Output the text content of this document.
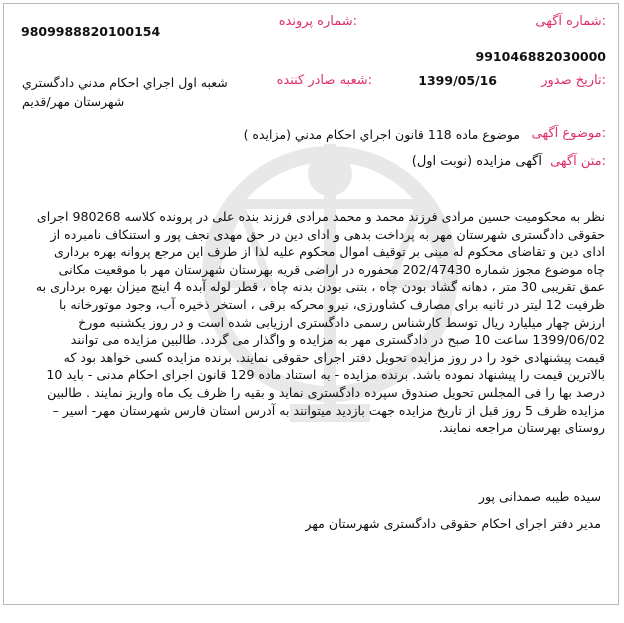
:شماره آگهی
:شماره پرونده
9809988820100154
991046882030000
:تاریخ صدور
1399/05/16
:شعبه صادر کننده
شعبه اول اجراي احكام مدني دادگستري
شهرستان مهر/قديم
:موضوع آگهی
موضوع ماده 118 قانون اجراي احكام مدني (مزايده )
:متن آگهی
آگهی مزایده (نوبت اول)
نظر به محکومیت حسین مرادی فرزند محمد و محمد مرادی فرزند بنده علی در پرونده کلاسه 980268 اجرای
حقوقی دادگستری شهرستان مهر به پرداخت بدهی و ادای دین در حق مهدی نجف پور و استنکاف نامبرده از
ادای دین و تقاضای محکوم له مبنی بر توقیف اموال محکوم علیه لذا از طرف این مرجع پروانه بهره برداری
چاه موضوع مجوز شماره 202/47430 محفوره در اراضی قریه بهرستان شهرستان مهر با موقعیت مکانی
عمق تقریبی 30 متر ، دهانه گشاد بودن چاه ، بتنی بودن بدنه چاه ، قطر لوله آبده 4 اینچ میزان بهره برداری به
ظرفیت 12 لیتر در ثانیه برای مصارف کشاورزی، نیرو محرکه برقی ، استخر ذخیره آب، وجود موتورخانه با
ارزش چهار میلیارد ریال توسط کارشناس رسمی دادگستری ارزیابی شده است و در روز یکشنبه مورخ
1399/06/02 ساعت 10 صبح در دادگستری مهر به مزایده و واگذار می گردد. طالبین مزایده می توانند
قیمت پیشنهادی خود را در روز مزایده تحویل دفتر اجرای حقوقی نمایند. برنده مزایده کسی خواهد بود که
بالاترین قیمت را پیشنهاد نموده باشد. برنده مزایده - به استناد ماده 129 قانون اجرای احکام مدنی - باید 10
درصد بها را فی المجلس تحویل صندوق سپرده دادگستری نماید و بقیه را ظرف یک ماه واریز نمایند . طالبین
مزایده ظرف 5 روز قبل از تاریخ مزایده جهت بازدید میتوانند به آدرس استان فارس شهرستان مهر- اسیر –
روستای بهرستان مراجعه نمایند.
سیده طیبه صمدانی پور
مدیر دفتر اجرای احکام حقوقی دادگستری شهرستان مهر
